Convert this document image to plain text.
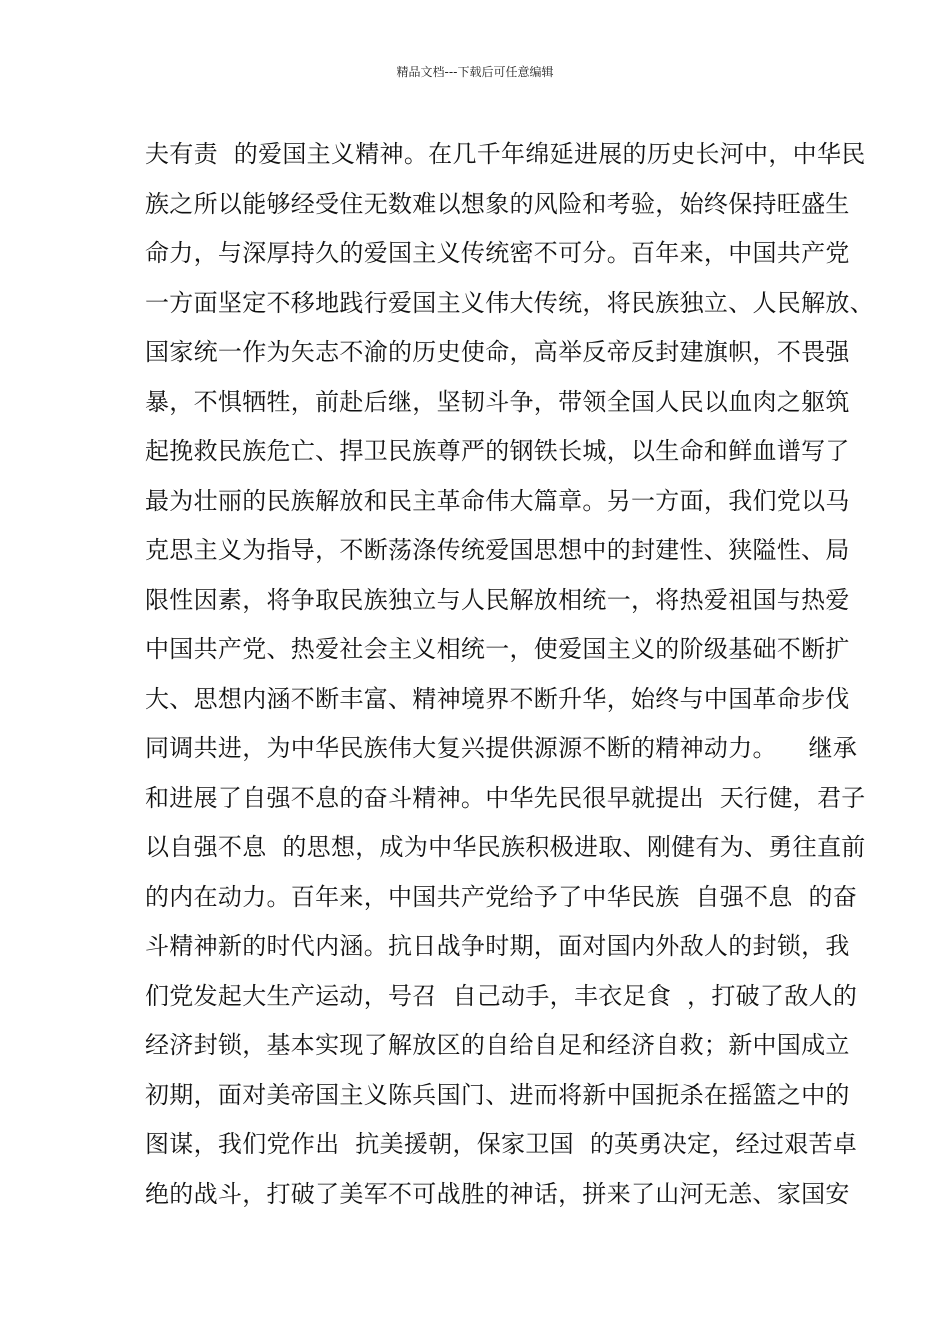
精品文档---下载后可任意编辑
夫有责  的爱国主义精神。在几千年绵延进展的历史长河中，中华民
族之所以能够经受住无数难以想象的风险和考验，始终保持旺盛生
命力，与深厚持久的爱国主义传统密不可分。百年来，中国共产党
一方面坚定不移地践行爱国主义伟大传统，将民族独立、人民解放、
国家统一作为矢志不渝的历史使命，高举反帝反封建旗帜，不畏强
暴，不惧牺牲，前赴后继，坚韧斗争，带领全国人民以血肉之躯筑
起挽救民族危亡、捍卫民族尊严的钢铁长城，以生命和鲜血谱写了
最为壮丽的民族解放和民主革命伟大篇章。另一方面，我们党以马
克思主义为指导，不断荡涤传统爱国思想中的封建性、狭隘性、局
限性因素，将争取民族独立与人民解放相统一，将热爱祖国与热爱
中国共产党、热爱社会主义相统一，使爱国主义的阶级基础不断扩
大、思想内涵不断丰富、精神境界不断升华，始终与中国革命步伐
同调共进，为中华民族伟大复兴提供源源不断的精神动力。    继承
和进展了自强不息的奋斗精神。中华先民很早就提出  天行健，君子
以自强不息  的思想，成为中华民族积极进取、刚健有为、勇往直前
的内在动力。百年来，中国共产党给予了中华民族  自强不息  的奋
斗精神新的时代内涵。抗日战争时期，面对国内外敌人的封锁，我
们党发起大生产运动，号召  自己动手，丰衣足食  ，打破了敌人的
经济封锁，基本实现了解放区的自给自足和经济自救；新中国成立
初期，面对美帝国主义陈兵国门、进而将新中国扼杀在摇篮之中的
图谋，我们党作出  抗美援朝，保家卫国  的英勇决定，经过艰苦卓
绝的战斗，打破了美军不可战胜的神话，拼来了山河无恙、家国安
